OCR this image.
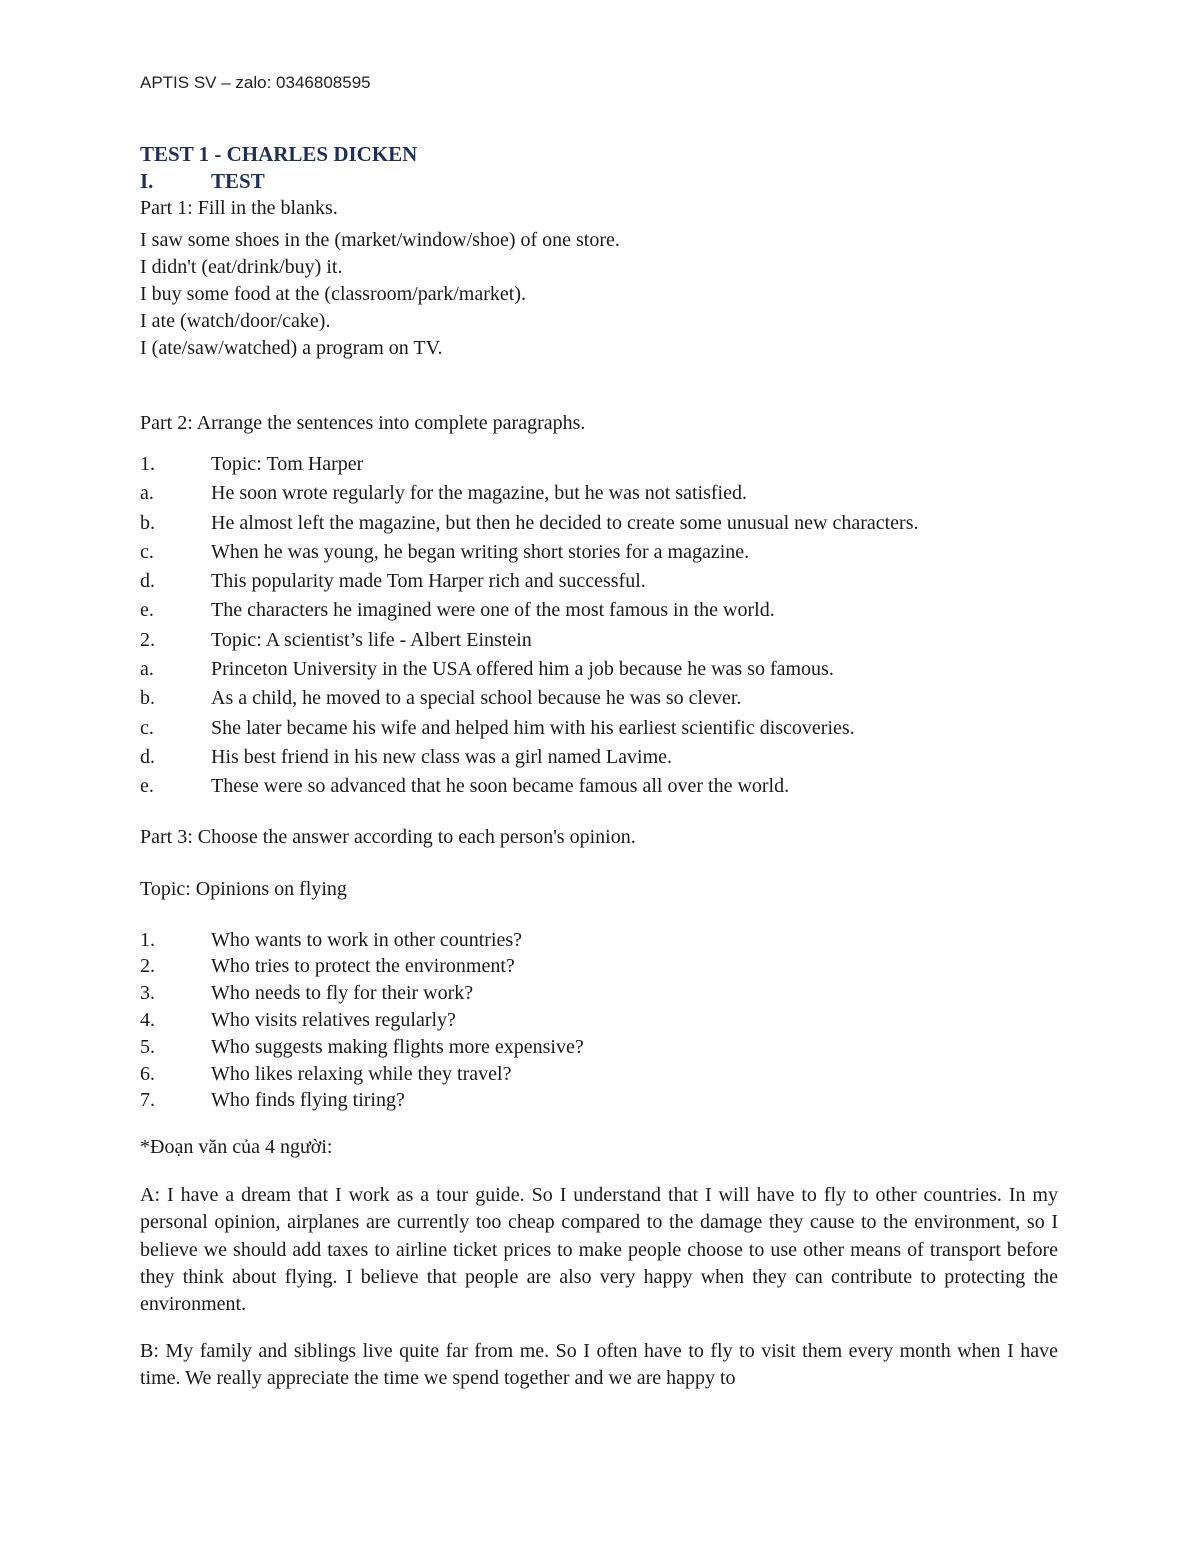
APTIS SV – zalo: 0346808595
TEST 1 - CHARLES DICKEN
I.	TEST

Part 1: Fill in the blanks.

I saw some shoes in the (market/window/shoe) of one store.

I didn't (eat/drink/buy) it.

I buy some food at the (classroom/park/market).

I ate (watch/door/cake).

I (ate/saw/watched) a program on TV.

Part 2: Arrange the sentences into complete paragraphs.

1.	Topic: Tom Harper
a.	He soon wrote regularly for the magazine, but he was not satisfied.
b.	He almost left the magazine, but then he decided to create some unusual new characters.
c.	When he was young, he began writing short stories for a magazine.
d.	This popularity made Tom Harper rich and successful.
e.	The characters he imagined were one of the most famous in the world.
2.	Topic: A scientist’s life - Albert Einstein
a.	Princeton University in the USA offered him a job because he was so famous.
b.	As a child, he moved to a special school because he was so clever.
c.	She later became his wife and helped him with his earliest scientific discoveries.
d.	His best friend in his new class was a girl named Lavime.
e.	These were so advanced that he soon became famous all over the world.

Part 3: Choose the answer according to each person's opinion.

Topic: Opinions on flying

1.	Who wants to work in other countries?
2.	Who tries to protect the environment?
3.	Who needs to fly for their work?
4.	Who visits relatives regularly?
5.	Who suggests making flights more expensive?
6.	Who likes relaxing while they travel?
7.	Who finds flying tiring?

*Đoạn văn của 4 người:

A: I have a dream that I work as a tour guide. So I understand that I will have to fly to other countries. In my personal opinion, airplanes are currently too cheap compared to the damage they cause to the environment, so I believe we should add taxes to airline ticket prices to make people choose to use other means of transport before they think about flying. I believe that people are also very happy when they can contribute to protecting the environment.

B: My family and siblings live quite far from me. So I often have to fly to visit them every month when I have time. We really appreciate the time we spend together and we are happy to
